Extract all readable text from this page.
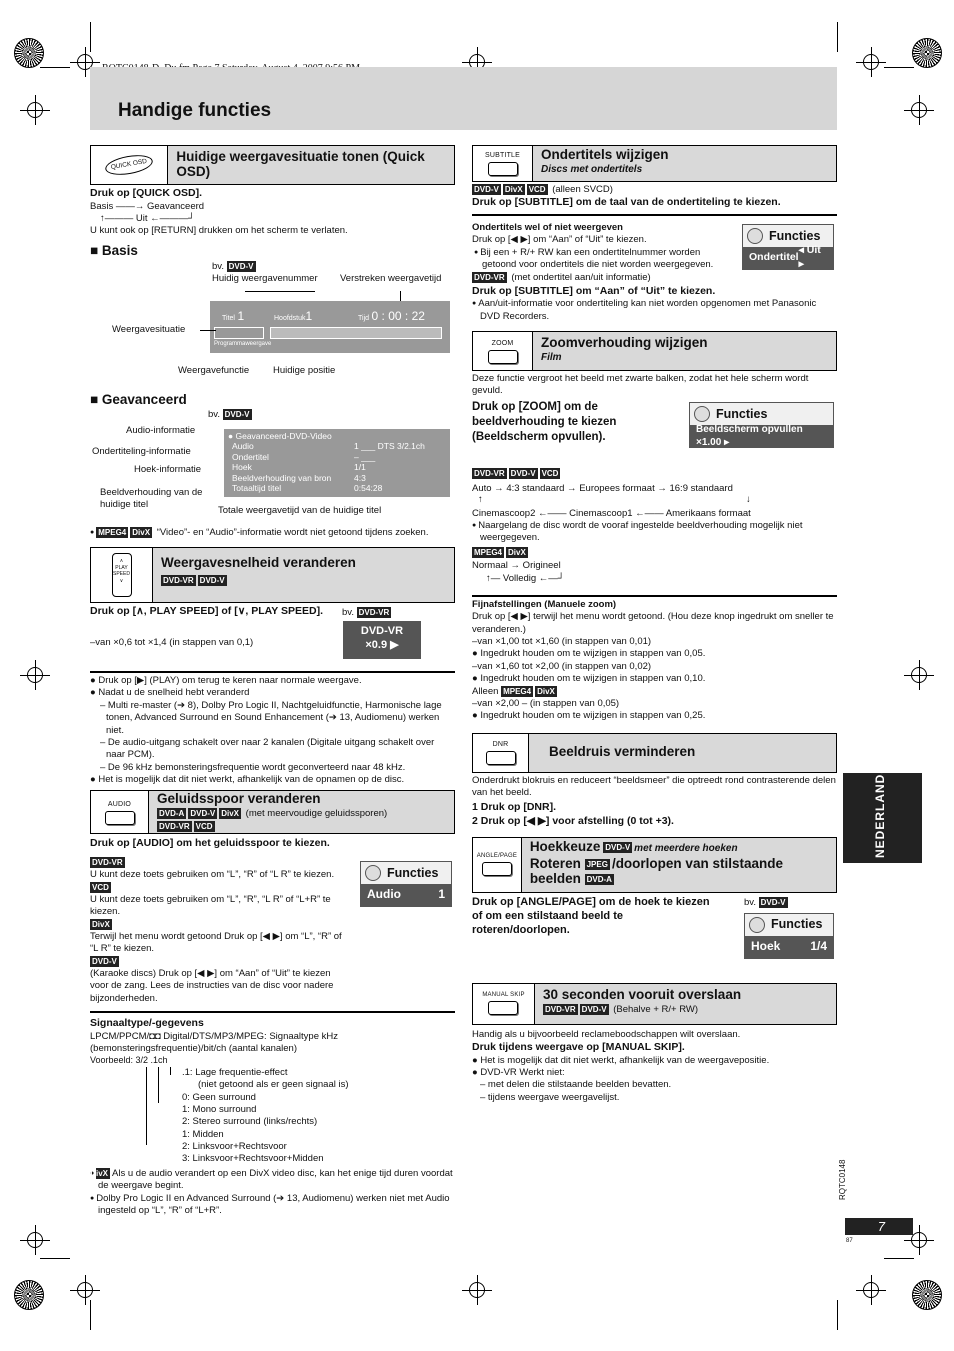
Handige functies
QUICK OSD
Huidige weergavesituatie tonen (Quick OSD)
Druk op [QUICK OSD].
Basis ——→ Geavanceerd
↑——— Uit ←———┘
U kunt ook op [RETURN] drukken om het scherm te verlaten.
■ Basis
bv. DVD-V
Huidig weergavenummer Verstreken weergavetijd
Titel 1	Hoofdstuk1	Tijd 0 : 00 : 22
Programmaweergave
Weergavesituatie
Weergavefunctie	Huidige positie
■ Geavanceerd
bv. DVD-V
Audio-informatie
Ondertiteling-informatie
Hoek-informatie
Beeldverhouding van de huidige titel
● Geavanceerd-DVD-Video
Audio	1 ___ DTS 3/2.1ch
Ondertitel	– ___
Hoek	1/1
Beeldverhouding van bron	4:3
Totaaltijd titel	0:54:28
Totale weergavetijd van de huidige titel
● MPEG4 DivX “Video”- en “Audio”-informatie wordt niet getoond tijdens zoeken.
∧
PLAY SPEED
∨
Weergavesnelheid veranderen
DVD-VR DVD-V
Druk op [∧, PLAY SPEED] of [∨, PLAY SPEED].
–van ×0,6 tot ×1,4 (in stappen van 0,1)
bv. DVD-VR
DVD-VR
×0.9 ▶
● Druk op [▶] (PLAY) om terug te keren naar normale weergave.
● Nadat u de snelheid hebt veranderd
– Multi re-master (➔ 8), Dolby Pro Logic II, Nachtgeluidfunctie, Harmonische lage tonen, Advanced Surround en Sound Enhancement (➔ 13, Audiomenu) werken niet.
– De audio-uitgang schakelt over naar 2 kanalen (Digitale uitgang schakelt over naar PCM).
– De 96 kHz bemonsteringsfrequentie wordt geconverteerd naar 48 kHz.
● Het is mogelijk dat dit niet werkt, afhankelijk van de opnamen op de disc.
AUDIO Geluidsspoor veranderen
DVD-A DVD-V DivX (met meervoudige geluidssporen)
DVD-VR VCD
Druk op [AUDIO] om het geluidsspoor te kiezen.
DVD-VR
U kunt deze toets gebruiken om “L”, “R” of “L R” te kiezen.
VCD
U kunt deze toets gebruiken om “L”, “R”, “L R” of “L+R” te kiezen.
DivX
Terwijl het menu wordt getoond Druk op [◀ ▶] om “L”, “R” of “L R” te kiezen.
DVD-V
(Karaoke discs) Druk op [◀ ▶] om “Aan” of “Uit” te kiezen voor de zang. Lees de instructies van de disc voor nadere bijzonderheden.
Functies
Audio	1
Signaaltype/-gegevens
LPCM/PPCM/◘◘ Digital/DTS/MP3/MPEG: Signaaltype kHz (bemonsteringsfrequentie)/bit/ch (aantal kanalen)
Voorbeeld: 3/2 .1ch
.1: Lage frequentie-effect
(niet getoond als er geen signaal is)
0: Geen surround
1: Mono surround
2: Stereo surround (links/rechts)
1: Midden
2: Linksvoor+Rechtsvoor
3: Linksvoor+Rechtsvoor+Midden
● DivX Als u de audio verandert op een DivX video disc, kan het enige tijd duren voordat de weergave begint.
● Dolby Pro Logic II en Advanced Surround (➔ 13, Audiomenu) werken niet met Audio ingesteld op “L”, “R” of “L+R”.
SUBTITLE Ondertitels wijzigen
Discs met ondertitels
DVD-V DivX VCD (alleen SVCD)
Druk op [SUBTITLE] om de taal van de ondertiteling te kiezen.
Ondertitels wel of niet weergeven
Druk op [◀ ▶] om “Aan” of “Uit” te kiezen.
● Bij een + R/+ RW kan een ondertitelnummer worden getoond voor ondertitels die niet worden weergegeven.
Functies
Ondertitel
◂ Uit ▸
DVD-VR (met ondertitel aan/uit informatie)
Druk op [SUBTITLE] om “Aan” of “Uit” te kiezen.
● Aan/uit-informatie voor ondertiteling kan niet worden opgenomen met Panasonic DVD Recorders.
ZOOM Zoomverhouding wijzigen
Film
Deze functie vergroot het beeld met zwarte balken, zodat het hele scherm wordt gevuld.
Druk op [ZOOM] om de beeldverhouding te kiezen (Beeldscherm opvullen).
Functies
Beeldscherm opvullen ×1.00 ▸
DVD-VR DVD-V VCD
Auto → 4:3 standaard → Europees formaat → 16:9 standaard
↑	↓
Cinemascoop2 ←—— Cinemascoop1 ←—— Amerikaans formaat
● Naargelang de disc wordt de vooraf ingestelde beeldverhouding mogelijk niet weergegeven.
MPEG4 DivX
Normaal → Origineel
↑— Volledig ←—┘
Fijnafstellingen (Manuele zoom)
Druk op [◀ ▶] terwijl het menu wordt getoond. (Hou deze knop ingedrukt om sneller te veranderen.)
–van ×1,00 tot ×1,60 (in stappen van 0,01)
● Ingedrukt houden om te wijzigen in stappen van 0,05.
–van ×1,60 tot ×2,00 (in stappen van 0,02)
● Ingedrukt houden om te wijzigen in stappen van 0,10.
Alleen MPEG4 DivX
–van ×2,00 – (in stappen van 0,05)
● Ingedrukt houden om te wijzigen in stappen van 0,25.
DNR	Beeldruis verminderen
Onderdrukt blokruis en reduceert “beeldsmeer” die optreedt rond contrasterende delen van het beeld.
1 Druk op [DNR].
2 Druk op [◀ ▶] voor afstelling (0 tot +3).
ANGLE/PAGE
Hoekkeuze DVD-V met meerdere hoeken
Roteren JPEG /doorlopen van stilstaande beelden DVD-A
Druk op [ANGLE/PAGE] om de hoek te kiezen of om een stilstaand beeld te roteren/doorlopen.
bv. DVD-V
Functies
Hoek 1/4
MANUAL SKIP 30 seconden vooruit overslaan
DVD-VR DVD-V (Behalve + R/+ RW)
Handig als u bijvoorbeeld reclameboodschappen wilt overslaan.
Druk tijdens weergave op [MANUAL SKIP].
● Het is mogelijk dat dit niet werkt, afhankelijk van de weergavepositie.
● DVD-VR Werkt niet:
– met delen die stilstaande beelden bevatten.
– tijdens weergave weergavelijst.
NEDERLANDS
RQTC0148
7
87
